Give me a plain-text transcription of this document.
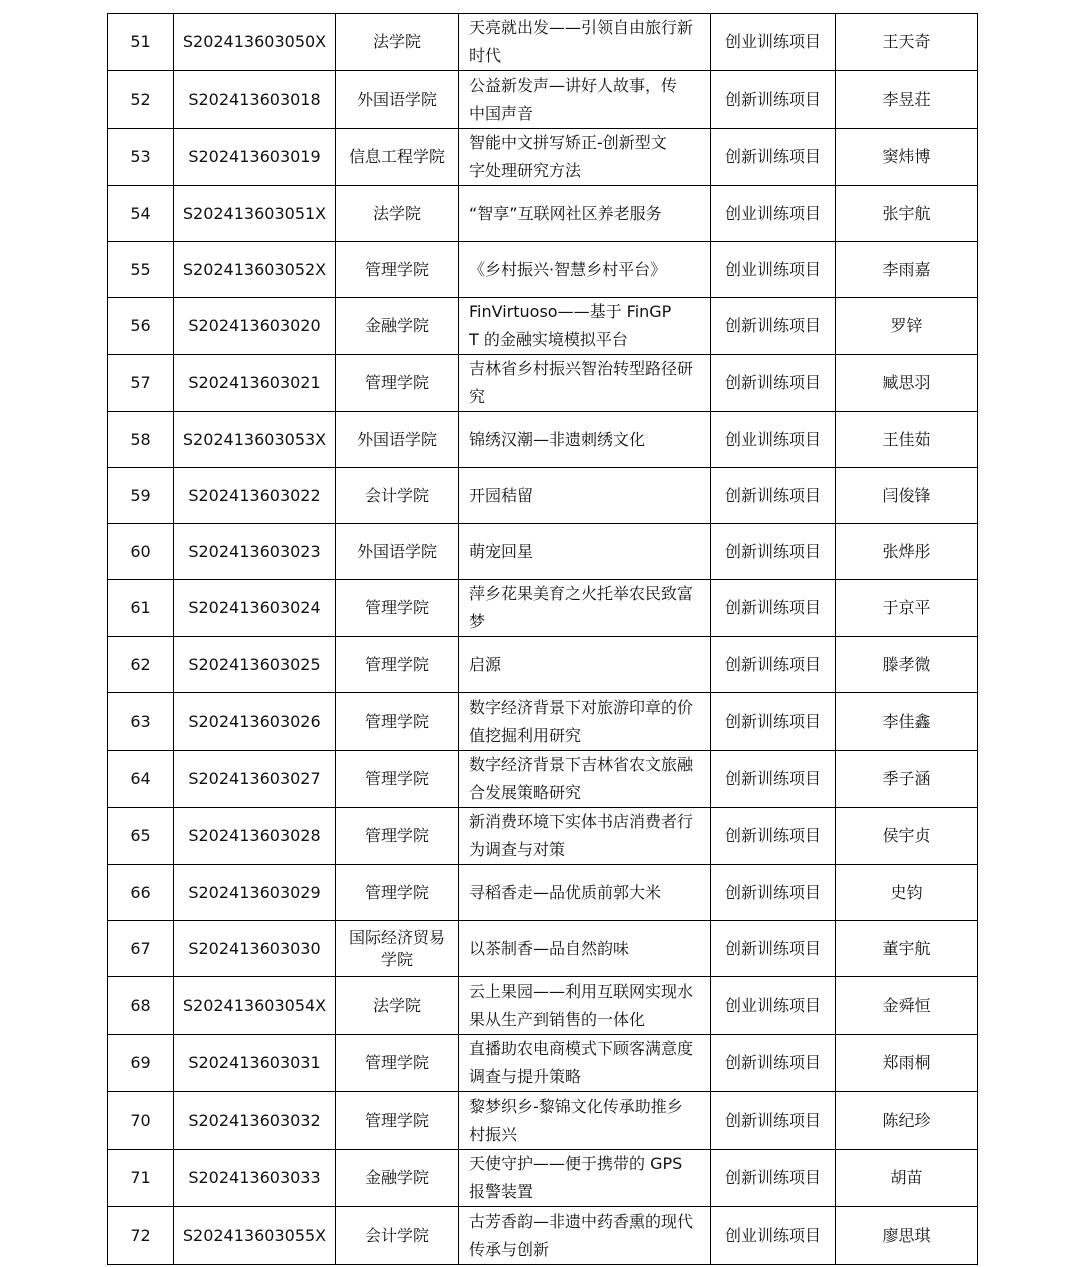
51	S202413603050X	法学院	天亮就出发——引领自由旅行新
时代	创业训练项目	王天奇
52	S202413603018	外国语学院	公益新发声—讲好人故事，传
中国声音	创新训练项目	李昱荘
53	S202413603019	信息工程学院	智能中文拼写矫正-创新型文
字处理研究方法	创新训练项目	窦炜博
54	S202413603051X	法学院	“智享”互联网社区养老服务	创业训练项目	张宇航
55	S202413603052X	管理学院	《乡村振兴·智慧乡村平台》	创业训练项目	李雨嘉
56	S202413603020	金融学院	FinVirtuoso——基于 FinGP
T 的金融实境模拟平台	创新训练项目	罗锌
57	S202413603021	管理学院	吉林省乡村振兴智治转型路径研
究	创新训练项目	臧思羽
58	S202413603053X	外国语学院	锦绣汉潮—非遗刺绣文化	创业训练项目	王佳茹
59	S202413603022	会计学院	开园秸留	创新训练项目	闫俊锋
60	S202413603023	外国语学院	萌宠回星	创新训练项目	张烨彤
61	S202413603024	管理学院	萍乡花果美育之火托举农民致富
梦	创新训练项目	于京平
62	S202413603025	管理学院	启源	创新训练项目	滕孝微
63	S202413603026	管理学院	数字经济背景下对旅游印章的价
值挖掘利用研究	创新训练项目	李佳鑫
64	S202413603027	管理学院	数字经济背景下吉林省农文旅融
合发展策略研究	创新训练项目	季子涵
65	S202413603028	管理学院	新消费环境下实体书店消费者行
为调查与对策	创新训练项目	侯宇贞
66	S202413603029	管理学院	寻稻香走—品优质前郭大米	创新训练项目	史钧
67	S202413603030	国际经济贸易
学院	以茶制香—品自然韵味	创新训练项目	董宇航
68	S202413603054X	法学院	云上果园——利用互联网实现水
果从生产到销售的一体化	创业训练项目	金舜恒
69	S202413603031	管理学院	直播助农电商模式下顾客满意度
调查与提升策略	创新训练项目	郑雨桐
70	S202413603032	管理学院	黎梦织乡-黎锦文化传承助推乡
村振兴	创新训练项目	陈纪珍
71	S202413603033	金融学院	天使守护——便于携带的 GPS
报警装置	创新训练项目	胡苗
72	S202413603055X	会计学院	古芳香韵—非遗中药香熏的现代
传承与创新	创业训练项目	廖思琪
